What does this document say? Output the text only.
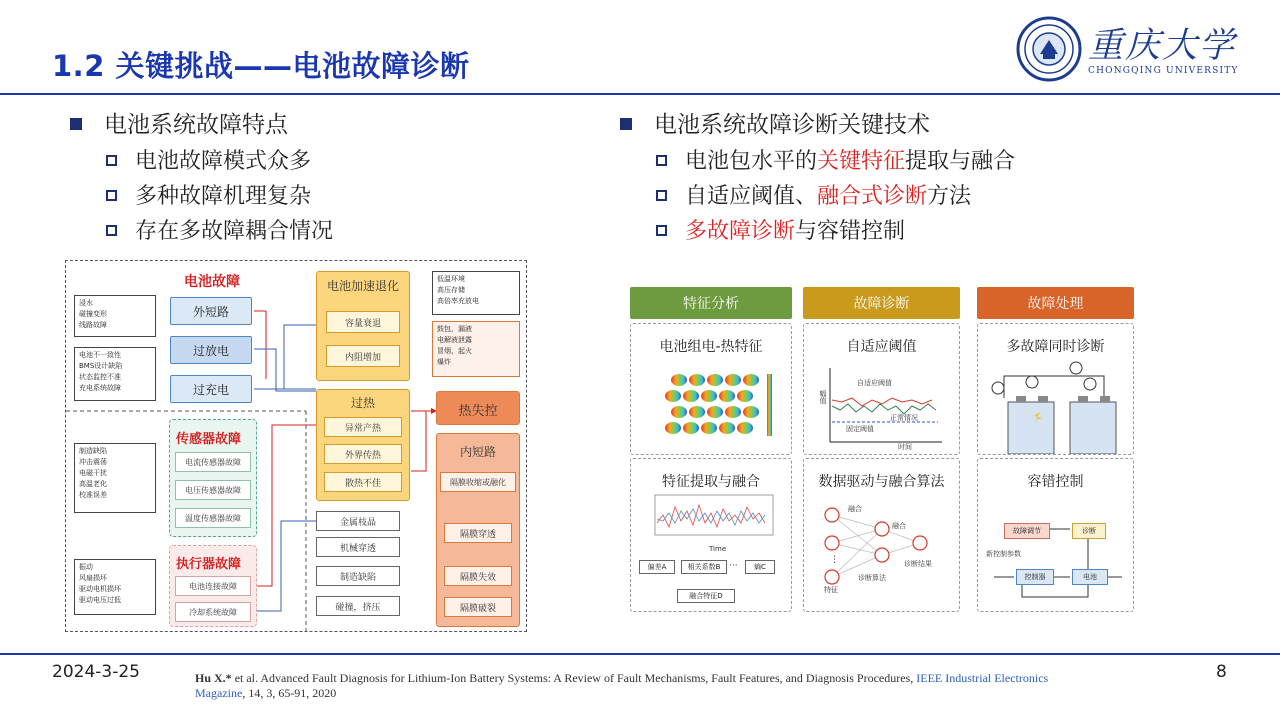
1.2 关键挑战——电池故障诊断	重庆大学
CHONGQING UNIVERSITY
电池系统故障特点
电池故障模式众多
多种故障机理复杂
存在多故障耦合情况
电池系统故障诊断关键技术
电池包水平的关键特征提取与融合
自适应阈值、融合式诊断方法
多故障诊断与容错控制
电池故障
浸水
碰撞变形
线路故障
电池不一致性
BMS设计缺陷
状态监控不准
充电系统故障
外短路
过放电
过充电
传感器故障
电流传感器故障
电压传感器故障
温度传感器故障
制造缺陷
冲击震荡
电磁干扰
高温老化
校准误差
执行器故障
电池连接故障
冷却系统故障
振动
风扇损坏
驱动电机损坏
驱动电压过低
电池加速退化
容量衰退
内阻增加
低温环境
高压存储
高倍率充放电
鼓包，漏液
电解液泄露
冒烟，起火
爆炸
过热
异常产热
外界传热
散热不佳
热失控
内短路
隔膜收缩或融化
隔膜穿透
隔膜失效
隔膜破裂
金属枝晶
机械穿透
制造缺陷
碰撞，挤压
特征分析	故障诊断	故障处理
电池组电-热特征
特征提取与融合
Time
偏差A	相关系数B ···	熵C
融合特征D
自适应阈值
自适应阈值
正常情况
固定阈值
时间
幅值
数据驱动与融合算法
融合
融合
诊断结果
诊断算法
特征
⋮
多故障同时诊断
容错控制
故障调节	诊断
控制器	电池
新控制参数
2024-3-25	Hu X.* et al. Advanced Fault Diagnosis for Lithium-Ion Battery Systems: A Review of Fault Mechanisms, Fault Features, and Diagnosis Procedures, IEEE Industrial Electronics Magazine, 14, 3, 65-91, 2020
8
